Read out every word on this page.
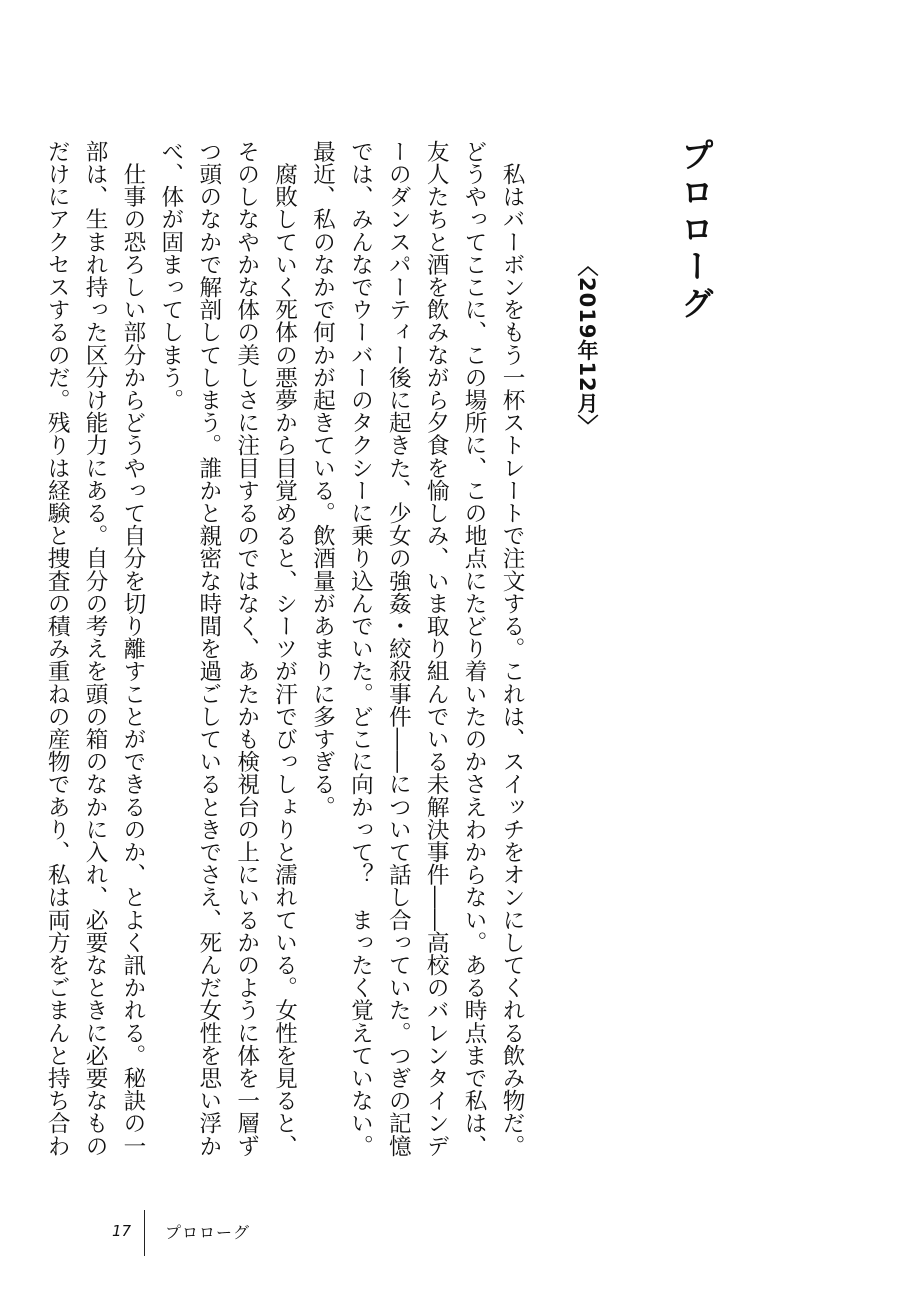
プロローグ
〈2019年12月〉

　私はバーボンをもう一杯ストレートで注文する。これは、スイッチをオンにしてくれる飲み物だ。

どうやってここに、この場所に、この地点にたどり着いたのかさえわからない。ある時点まで私は、

友人たちと酒を飲みながら夕食を愉しみ、いま取り組んでいる未解決事件――高校のバレンタインデ

ーのダンスパーティー後に起きた、少女の強姦・絞殺事件――について話し合っていた。つぎの記憶

では、みんなでウーバーのタクシーに乗り込んでいた。どこに向かって？　まったく覚えていない。

最近、私のなかで何かが起きている。飲酒量があまりに多すぎる。

　腐敗していく死体の悪夢から目覚めると、シーツが汗でびっしょりと濡れている。女性を見ると、

そのしなやかな体の美しさに注目するのではなく、あたかも検視台の上にいるかのように体を一層ず

つ頭のなかで解剖してしまう。誰かと親密な時間を過ごしているときでさえ、死んだ女性を思い浮か

べ、体が固まってしまう。

　仕事の恐ろしい部分からどうやって自分を切り離すことができるのか、とよく訊かれる。秘訣の一

部は、生まれ持った区分け能力にある。自分の考えを頭の箱のなかに入れ、必要なときに必要なもの

だけにアクセスするのだ。残りは経験と捜査の積み重ねの産物であり、私は両方をごまんと持ち合わ

17 プロローグ
